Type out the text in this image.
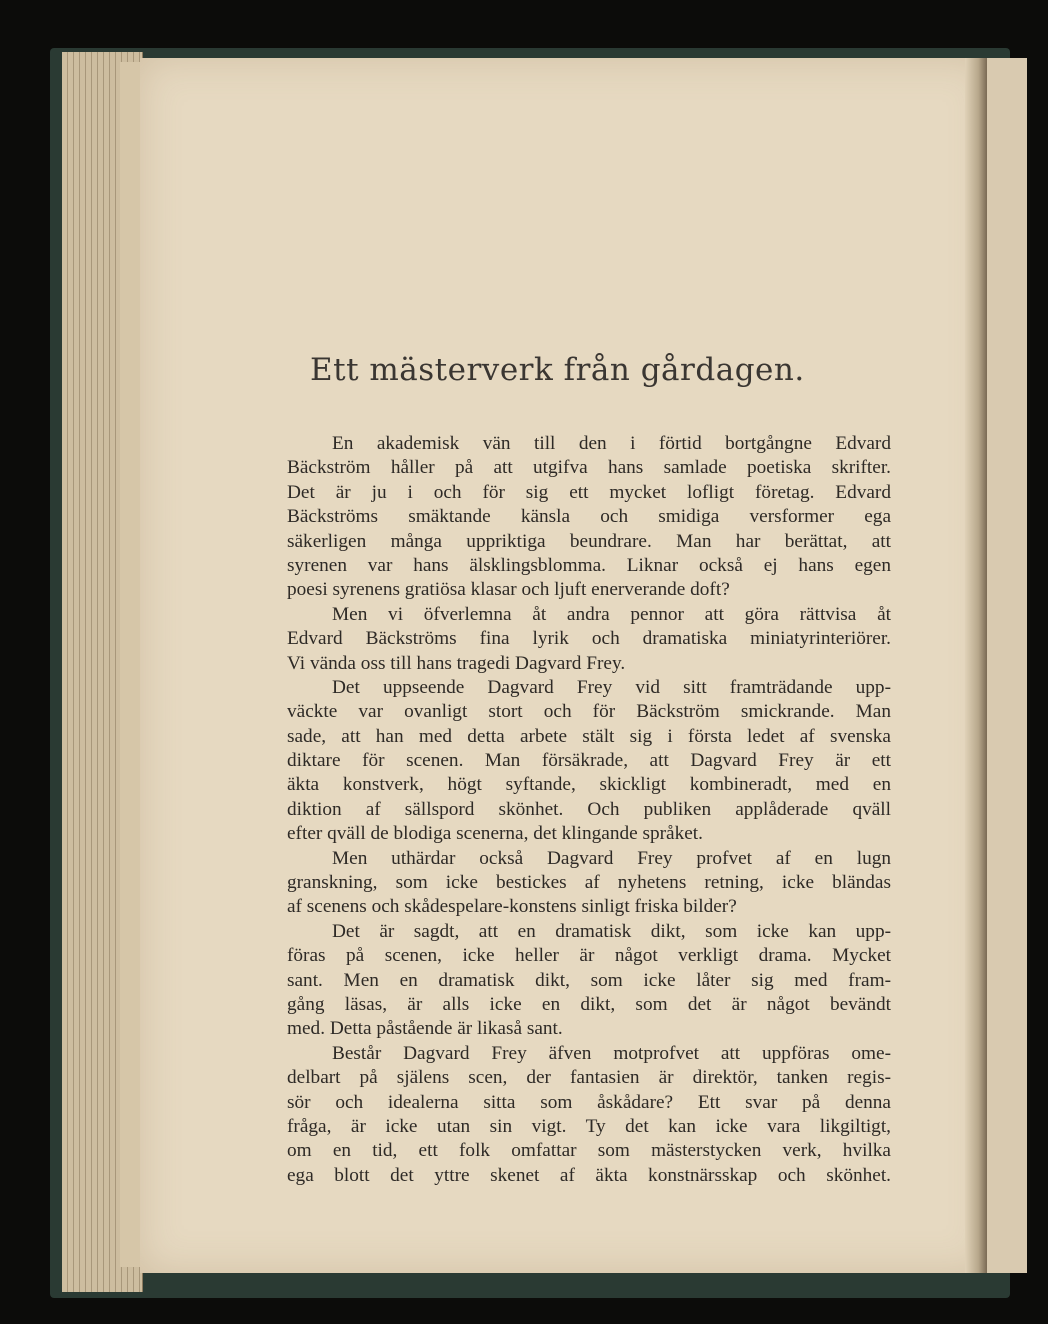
Ett mästerverk från gårdagen.
En akademisk vän till den i förtid bortgångne Edvard
Bäckström håller på att utgifva hans samlade poetiska skrifter.
Det är ju i och för sig ett mycket lofligt företag. Edvard
Bäckströms smäktande känsla och smidiga versformer ega
säkerligen många uppriktiga beundrare. Man har berättat, att
syrenen var hans älsklingsblomma. Liknar också ej hans egen
poesi syrenens gratiösa klasar och ljuft enerverande doft?
Men vi öfverlemna åt andra pennor att göra rättvisa åt
Edvard Bäckströms fina lyrik och dramatiska miniatyrinteriörer.
Vi vända oss till hans tragedi Dagvard Frey.
Det uppseende Dagvard Frey vid sitt framträdande upp-
väckte var ovanligt stort och för Bäckström smickrande. Man
sade, att han med detta arbete stält sig i första ledet af svenska
diktare för scenen. Man försäkrade, att Dagvard Frey är ett
äkta konstverk, högt syftande, skickligt kombineradt, med en
diktion af sällspord skönhet. Och publiken applåderade qväll
efter qväll de blodiga scenerna, det klingande språket.
Men uthärdar också Dagvard Frey profvet af en lugn
granskning, som icke bestickes af nyhetens retning, icke bländas
af scenens och skådespelare-konstens sinligt friska bilder?
Det är sagdt, att en dramatisk dikt, som icke kan upp-
föras på scenen, icke heller är något verkligt drama. Mycket
sant. Men en dramatisk dikt, som icke låter sig med fram-
gång läsas, är alls icke en dikt, som det är något bevändt
med. Detta påstående är likaså sant.
Består Dagvard Frey äfven motprofvet att uppföras ome-
delbart på själens scen, der fantasien är direktör, tanken regis-
sör och idealerna sitta som åskådare? Ett svar på denna
fråga, är icke utan sin vigt. Ty det kan icke vara likgiltigt,
om en tid, ett folk omfattar som mästerstycken verk, hvilka
ega blott det yttre skenet af äkta konstnärsskap och skönhet.
